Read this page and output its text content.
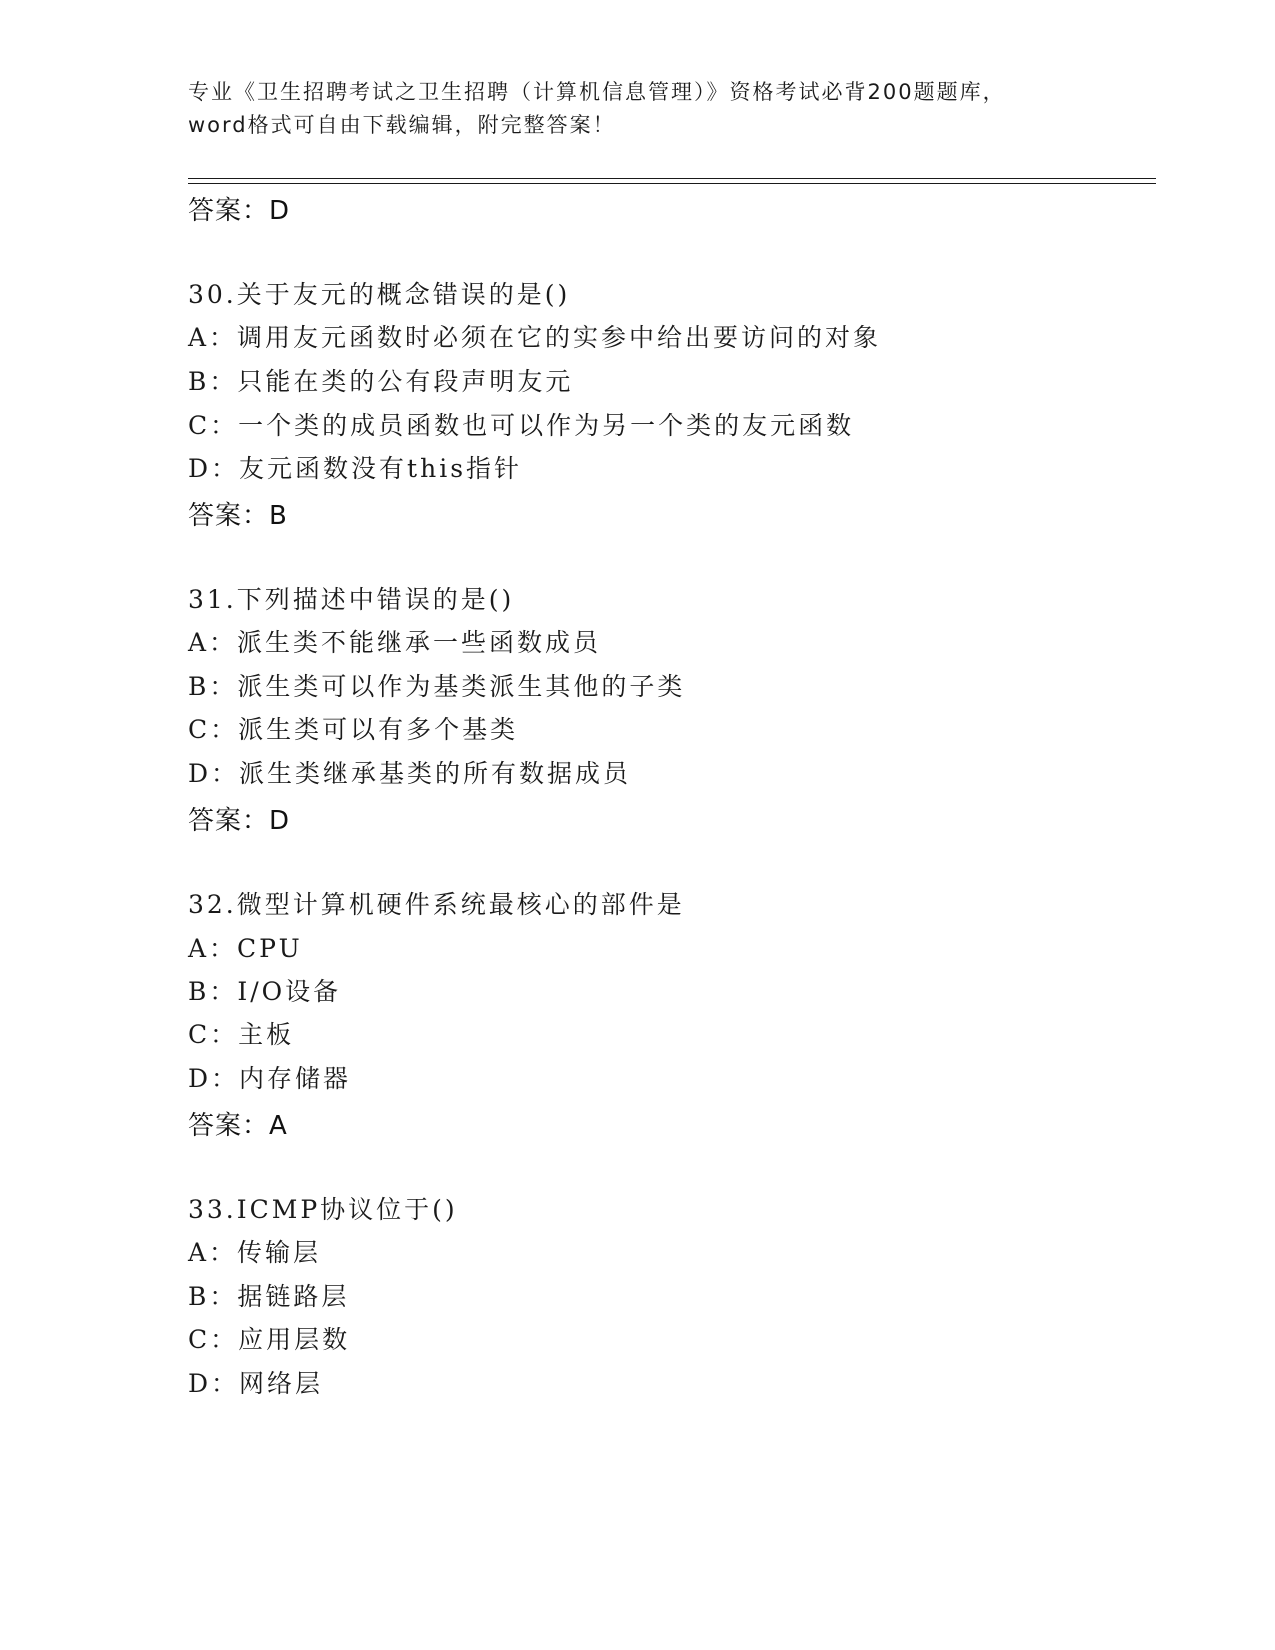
专业《卫生招聘考试之卫生招聘（计算机信息管理）》资格考试必背200题题库，
word格式可自由下载编辑，附完整答案！
答案：D
30.关于友元的概念错误的是()
A：调用友元函数时必须在它的实参中给出要访问的对象
B：只能在类的公有段声明友元
C：一个类的成员函数也可以作为另一个类的友元函数
D：友元函数没有this指针
答案：B
31.下列描述中错误的是()
A：派生类不能继承一些函数成员
B：派生类可以作为基类派生其他的子类
C：派生类可以有多个基类
D：派生类继承基类的所有数据成员
答案：D
32.微型计算机硬件系统最核心的部件是
A：CPU
B：I/O设备
C：主板
D：内存储器
答案：A
33.ICMP协议位于()
A：传输层
B：据链路层
C：应用层数
D：网络层
